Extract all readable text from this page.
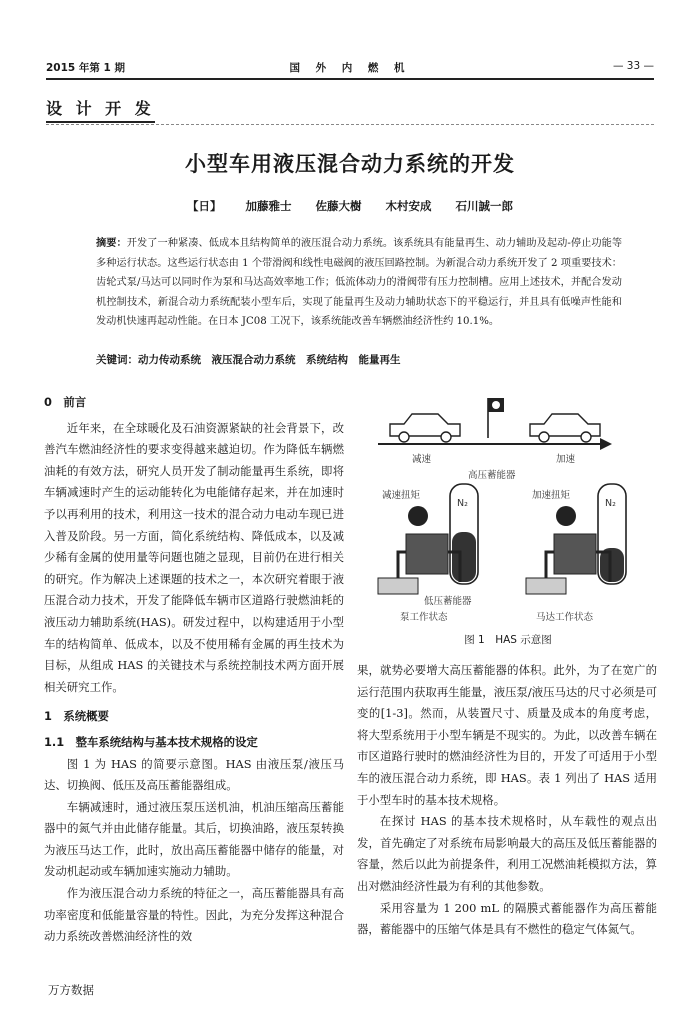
2015 年第 1 期	国 外 内 燃 机	— 33 —
设 计 开 发
小型车用液压混合动力系统的开发
【日】 加藤雅士 佐藤大樹 木村安成 石川誠一郎
摘要：开发了一种紧凑、低成本且结构简单的液压混合动力系统。该系统具有能量再生、动力辅助及起动-停止功能等多种运行状态。这些运行状态由 1 个带滑阀和线性电磁阀的液压回路控制。为新混合动力系统开发了 2 项重要技术：齿轮式泵/马达可以同时作为泵和马达高效率地工作；低流体动力的滑阀带有压力控制槽。应用上述技术，并配合发动机控制技术，新混合动力系统配装小型车后，实现了能量再生及动力辅助状态下的平稳运行，并且具有低噪声性能和发动机快速再起动性能。在日本 JC08 工况下，该系统能改善车辆燃油经济性约 10.1%。
关键词：动力传动系统　液压混合动力系统　系统结构　能量再生
0　前言

近年来，在全球暖化及石油资源紧缺的社会背景下，改善汽车燃油经济性的要求变得越来越迫切。作为降低车辆燃油耗的有效方法，研究人员开发了制动能量再生系统，即将车辆减速时产生的运动能转化为电能储存起来，并在加速时予以再利用的技术，利用这一技术的混合动力电动车现已进入普及阶段。另一方面，简化系统结构、降低成本，以及减少稀有金属的使用量等问题也随之显现，目前仍在进行相关的研究。作为解决上述课题的技术之一，本次研究着眼于液压混合动力技术，开发了能降低车辆市区道路行驶燃油耗的液压动力辅助系统(HAS)。研发过程中，以构建适用于小型车的结构简单、低成本，以及不使用稀有金属的再生技术为目标，从组成 HAS 的关键技术与系统控制技术两方面开展相关研究工作。

1　系统概要
1.1　整车系统结构与基本技术规格的设定

图 1 为 HAS 的简要示意图。HAS 由液压泵/液压马达、切换阀、低压及高压蓄能器组成。

车辆减速时，通过液压泵压送机油，机油压缩高压蓄能器中的氮气并由此储存能量。其后，切换油路，液压泵转换为液压马达工作，此时，放出高压蓄能器中储存的能量，对发动机起动或车辆加速实施动力辅助。

作为液压混合动力系统的特征之一，高压蓄能器具有高功率密度和低能量容量的特性。因此，为充分发挥这种混合动力系统改善燃油经济性的效

减速	加速
高压蓄能器
减速扭矩
N₂
加速扭矩
N₂
低压蓄能器
泵工作状态	马达工作状态
图 1　HAS 示意图

果，就势必要增大高压蓄能器的体积。此外，为了在宽广的运行范围内获取再生能量，液压泵/液压马达的尺寸必须是可变的[1-3]。然而，从装置尺寸、质量及成本的角度考虑，将大型系统用于小型车辆是不现实的。为此，以改善车辆在市区道路行驶时的燃油经济性为目的，开发了可适用于小型车的液压混合动力系统，即 HAS。表 1 列出了 HAS 适用于小型车时的基本技术规格。

在探讨 HAS 的基本技术规格时，从车载性的观点出发，首先确定了对系统布局影响最大的高压及低压蓄能器的容量，然后以此为前提条件，利用工况燃油耗模拟方法，算出对燃油经济性最为有利的其他参数。

采用容量为 1 200 mL 的隔膜式蓄能器作为高压蓄能器，蓄能器中的压缩气体是具有不燃性的稳定气体氮气。

万方数据
